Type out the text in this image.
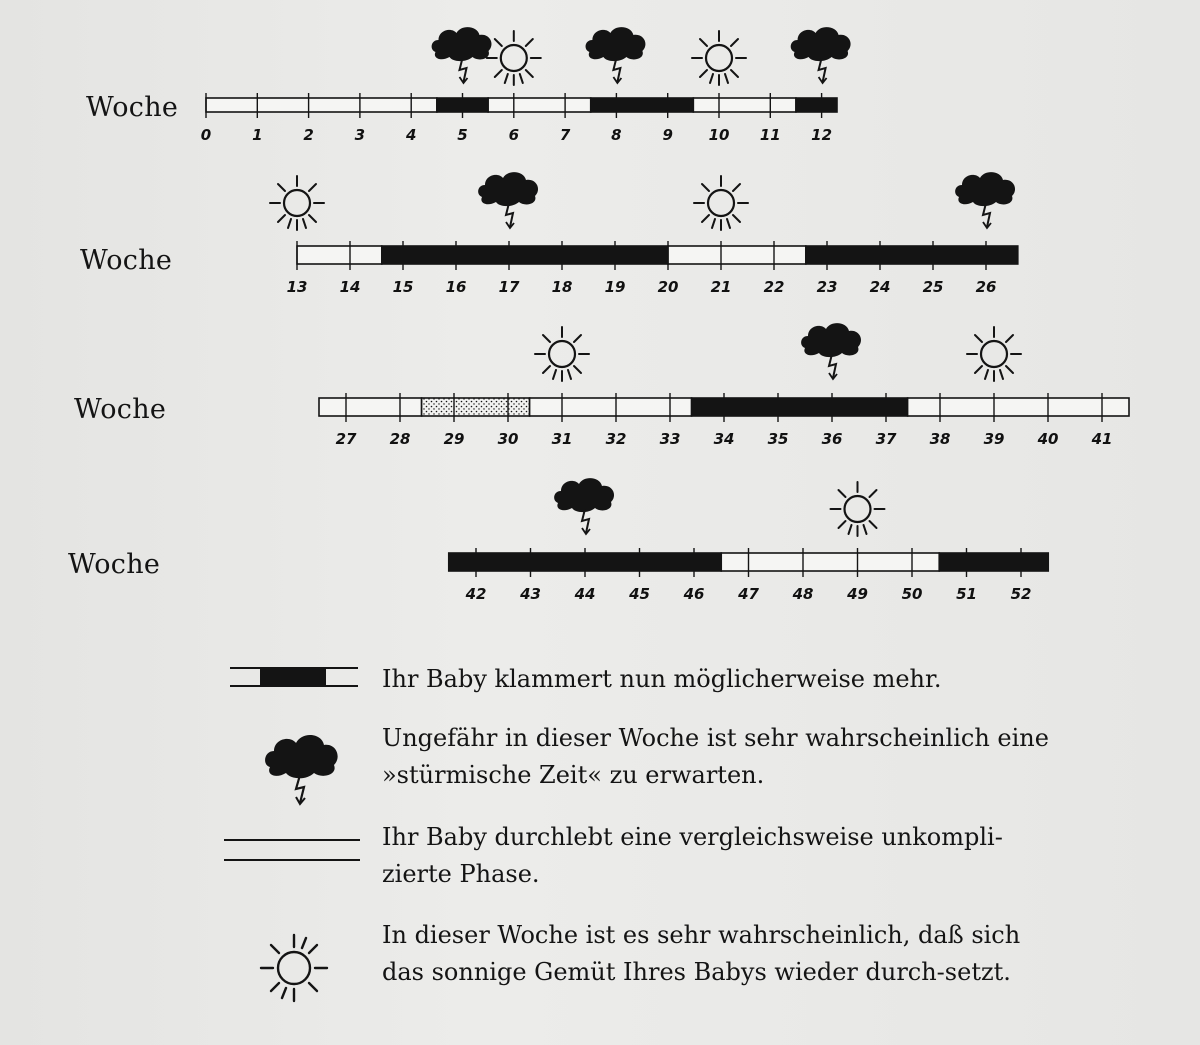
0	1	2	3	4	5	6	7	8	9 10 11 12
13 14 15 16 17 18 19 20 21 22 23 24 25 26
27 28 29 30 31 32 33 34 35 36 37 38 39 40 41
42 43 44 45 46 47 48 49 50 51 52
Woche
Woche
Woche
Woche
Ihr Baby klammert nun möglicherweise mehr.
Ungefähr in dieser Woche ist sehr wahrscheinlich eine »stürmische Zeit« zu erwarten.
Ihr Baby durchlebt eine vergleichsweise unkompli-zierte Phase.
In dieser Woche ist es sehr wahrscheinlich, daß sich das sonnige Gemüt Ihres Babys wieder durch-setzt.
